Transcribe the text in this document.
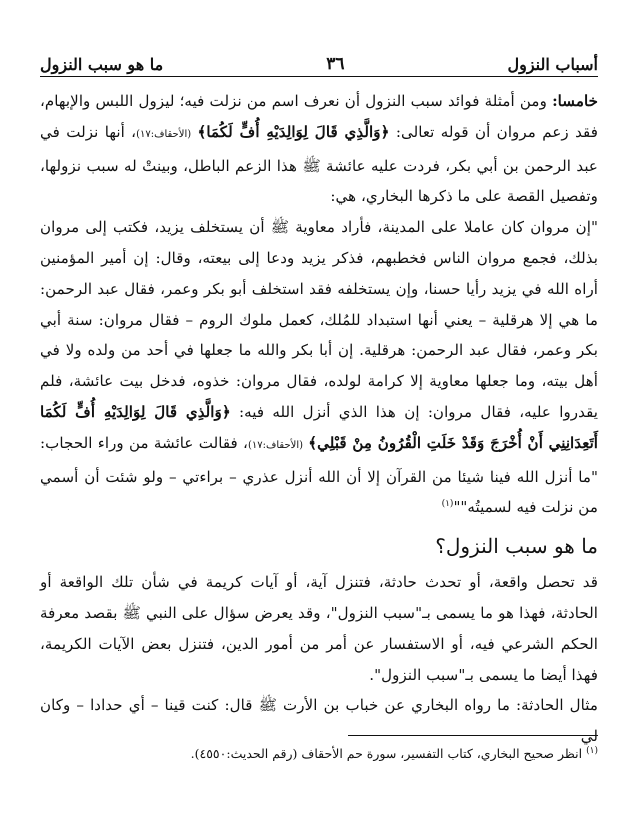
أسباب النزول
٣٦
ما هو سبب النزول

خامسا: ومن أمثلة فوائد سبب النزول أن نعرف اسم من نزلت فيه؛ ليزول اللبس والإبهام، فقد زعم مروان أن قوله تعالى: ﴿وَالَّذِي قَالَ لِوَالِدَيْهِ أُفٍّ لَكُمَا﴾ (الأحقاف:١٧)، أنها نزلت في عبد الرحمن بن أبي بكر، فردت عليه عائشة ﷺ هذا الزعم الباطل، وبينتْ له سبب نزولها، وتفصيل القصة على ما ذكرها البخاري، هي:

"إن مروان كان عاملا على المدينة، فأراد معاوية ﷺ أن يستخلف يزيد، فكتب إلى مروان بذلك، فجمع مروان الناس فخطبهم، فذكر يزيد ودعا إلى بيعته، وقال: إن أمير المؤمنين أراه الله في يزيد رأيا حسنا، وإن يستخلفه فقد استخلف أبو بكر وعمر، فقال عبد الرحمن: ما هي إلا هرقلية – يعني أنها استبداد للمُلك، كعمل ملوك الروم – فقال مروان: سنة أبي بكر وعمر، فقال عبد الرحمن: هرقلية. إن أبا بكر والله ما جعلها في أحد من ولده ولا في أهل بيته، وما جعلها معاوية إلا كرامة لولده، فقال مروان: خذوه، فدخل بيت عائشة، فلم يقدروا عليه، فقال مروان: إن هذا الذي أنزل الله فيه: ﴿وَالَّذِي قَالَ لِوَالِدَيْهِ أُفٍّ لَكُمَا أَتَعِدَانِنِي أَنْ أُخْرَجَ وَقَدْ خَلَتِ الْقُرُونُ مِنْ قَبْلِي﴾ (الأحقاف:١٧)، فقالت عائشة من وراء الحجاب: "ما أنزل الله فينا شيئا من القرآن إلا أن الله أنزل عذري – براءتي – ولو شئت أن أسمي من نزلت فيه لسميتُه""$^{(١)}$

ما هو سبب النزول؟

قد تحصل واقعة، أو تحدث حادثة، فتنزل آية، أو آيات كريمة في شأن تلك الواقعة أو الحادثة، فهذا هو ما يسمى بـ"سبب النزول"، وقد يعرض سؤال على النبي ﷺ بقصد معرفة الحكم الشرعي فيه، أو الاستفسار عن أمر من أمور الدين، فتنزل بعض الآيات الكريمة، فهذا أيضا ما يسمى بـ"سبب النزول".

مثال الحادثة: ما رواه البخاري عن خباب بن الأرت ﷺ قال: كنت قينا – أي حدادا – وكان لي

$^{(١)}$ انظر صحيح البخاري، كتاب التفسير، سورة حم الأحقاف (رقم الحديث:٤٥٥٠).
